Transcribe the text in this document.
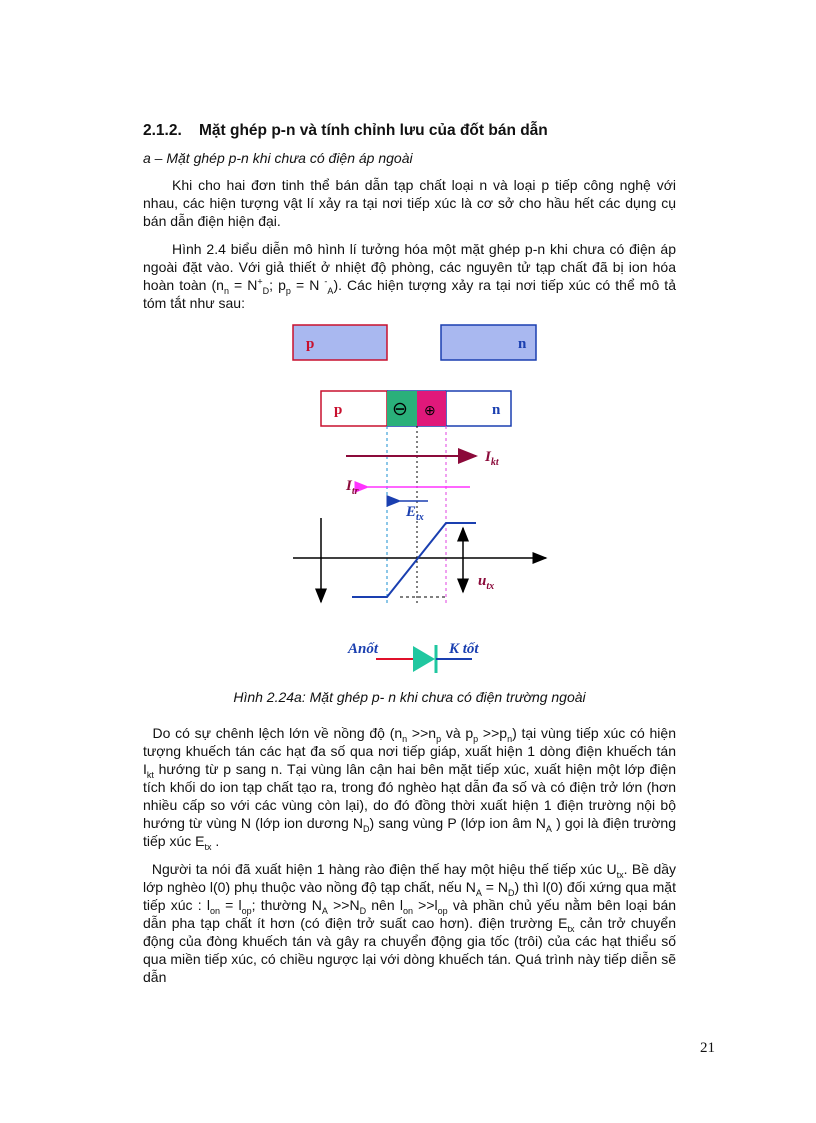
2.1.2. Mặt ghép p-n và tính chỉnh lưu của đốt bán dẫn
a – Mặt ghép p-n khi chưa có điện áp ngoài

Khi cho hai đơn tinh thể bán dẫn tạp chất loại n và loại p tiếp công nghệ với nhau, các hiện tượng vật lí xảy ra tại nơi tiếp xúc là cơ sở cho hầu hết các dụng cụ bán dẫn điện hiện đại.

Hình 2.4 biểu diễn mô hình lí tưởng hóa một mặt ghép p-n khi chưa có điện áp ngoài đặt vào. Với giả thiết ở nhiệt độ phòng, các nguyên tử tạp chất đã bị ion hóa hoàn toàn ($n_n = N^+_D$; $p_p = N$ -$_A$). Các hiện tượng xảy ra tại nơi tiếp xúc có thể mô tả tóm tắt như sau:

p	n
p	n
⊖ ⊕
$I_{kt}$
$I_{tr}$
$E_{tx}$
$u_{tx}$
Anốt	K tốt
Hình 2.24a: Mặt ghép p- n khi chưa có điện trường ngoài

Do có sự chênh lệch lớn về nồng độ ($n_n >>n_p$ và $p_p >>p_n$) tại vùng tiếp xúc có hiện tượng khuếch tán các hạt đa số qua nơi tiếp giáp, xuất hiện 1 dòng điện khuếch tán $I_{kt}$ hướng từ p sang n. Tại vùng lân cận hai bên mặt tiếp xúc, xuất hiện một lớp điện tích khối do ion tạp chất tạo ra, trong đó nghèo hạt dẫn đa số và có điện trở lớn (hơn nhiều cấp so với các vùng còn lại), do đó đồng thời xuất hiện 1 điện trường nội bộ hướng từ vùng N (lớp ion dương $N_D$) sang vùng P (lớp ion âm $N_A$ ) gọi là điện trường tiếp xúc $E_{tx}$ .

Người ta nói đã xuất hiện 1 hàng rào điện thế hay một hiệu thế tiếp xúc $U_{tx}$. Bề dầy lớp nghèo l(0) phụ thuộc vào nồng độ tạp chất, nếu $N_A = N_D$) thì l(0) đối xứng qua mặt tiếp xúc : $l_{on} = l_{op}$; thường $N_A >>N_D$ nên $l_{on} >>l_{op}$ và phần chủ yếu nằm bên loại bán dẫn pha tạp chất ít hơn (có điện trở suất cao hơn). điện trường $E_{tx}$ cản trở chuyển động của đòng khuếch tán và gây ra chuyển động gia tốc (trôi) của các hạt thiểu số qua miền tiếp xúc, có chiều ngược lại với dòng khuếch tán. Quá trình này tiếp diễn sẽ dẫn

21
